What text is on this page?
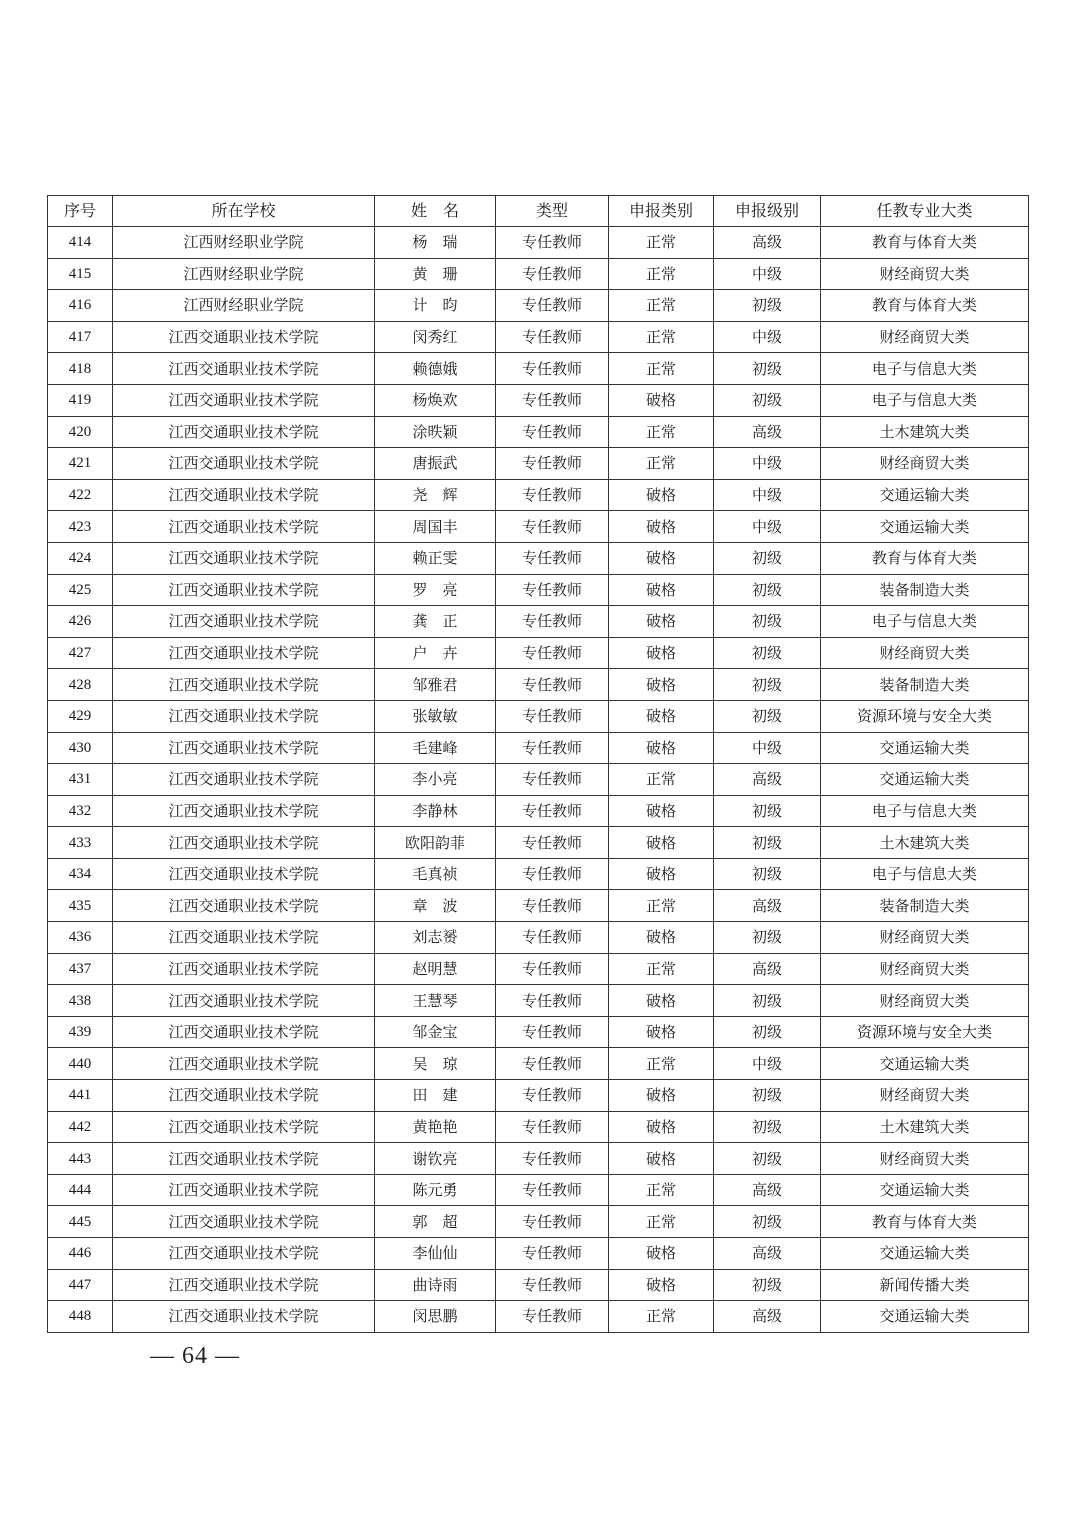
序号	所在学校	姓　名	类型	申报类别	申报级别	任教专业大类
414	江西财经职业学院	杨　瑞	专任教师	正常	高级	教育与体育大类
415	江西财经职业学院	黄　珊	专任教师	正常	中级	财经商贸大类
416	江西财经职业学院	计　昀	专任教师	正常	初级	教育与体育大类
417	江西交通职业技术学院	闵秀红	专任教师	正常	中级	财经商贸大类
418	江西交通职业技术学院	赖德娥	专任教师	正常	初级	电子与信息大类
419	江西交通职业技术学院	杨焕欢	专任教师	破格	初级	电子与信息大类
420	江西交通职业技术学院	涂昳颖	专任教师	正常	高级	土木建筑大类
421	江西交通职业技术学院	唐振武	专任教师	正常	中级	财经商贸大类
422	江西交通职业技术学院	尧　辉	专任教师	破格	中级	交通运输大类
423	江西交通职业技术学院	周国丰	专任教师	破格	中级	交通运输大类
424	江西交通职业技术学院	赖正雯	专任教师	破格	初级	教育与体育大类
425	江西交通职业技术学院	罗　亮	专任教师	破格	初级	装备制造大类
426	江西交通职业技术学院	龚　正	专任教师	破格	初级	电子与信息大类
427	江西交通职业技术学院	户　卉	专任教师	破格	初级	财经商贸大类
428	江西交通职业技术学院	邹雅君	专任教师	破格	初级	装备制造大类
429	江西交通职业技术学院	张敏敏	专任教师	破格	初级	资源环境与安全大类
430	江西交通职业技术学院	毛建峰	专任教师	破格	中级	交通运输大类
431	江西交通职业技术学院	李小亮	专任教师	正常	高级	交通运输大类
432	江西交通职业技术学院	李静林	专任教师	破格	初级	电子与信息大类
433	江西交通职业技术学院	欧阳韵菲	专任教师	破格	初级	土木建筑大类
434	江西交通职业技术学院	毛真祯	专任教师	破格	初级	电子与信息大类
435	江西交通职业技术学院	章　波	专任教师	正常	高级	装备制造大类
436	江西交通职业技术学院	刘志赟	专任教师	破格	初级	财经商贸大类
437	江西交通职业技术学院	赵明慧	专任教师	正常	高级	财经商贸大类
438	江西交通职业技术学院	王慧琴	专任教师	破格	初级	财经商贸大类
439	江西交通职业技术学院	邹金宝	专任教师	破格	初级	资源环境与安全大类
440	江西交通职业技术学院	吴　琼	专任教师	正常	中级	交通运输大类
441	江西交通职业技术学院	田　建	专任教师	破格	初级	财经商贸大类
442	江西交通职业技术学院	黄艳艳	专任教师	破格	初级	土木建筑大类
443	江西交通职业技术学院	谢钦亮	专任教师	破格	初级	财经商贸大类
444	江西交通职业技术学院	陈元勇	专任教师	正常	高级	交通运输大类
445	江西交通职业技术学院	郭　超	专任教师	正常	初级	教育与体育大类
446	江西交通职业技术学院	李仙仙	专任教师	破格	高级	交通运输大类
447	江西交通职业技术学院	曲诗雨	专任教师	破格	初级	新闻传播大类
448	江西交通职业技术学院	闵思鹏	专任教师	正常	高级	交通运输大类
— 64 —
